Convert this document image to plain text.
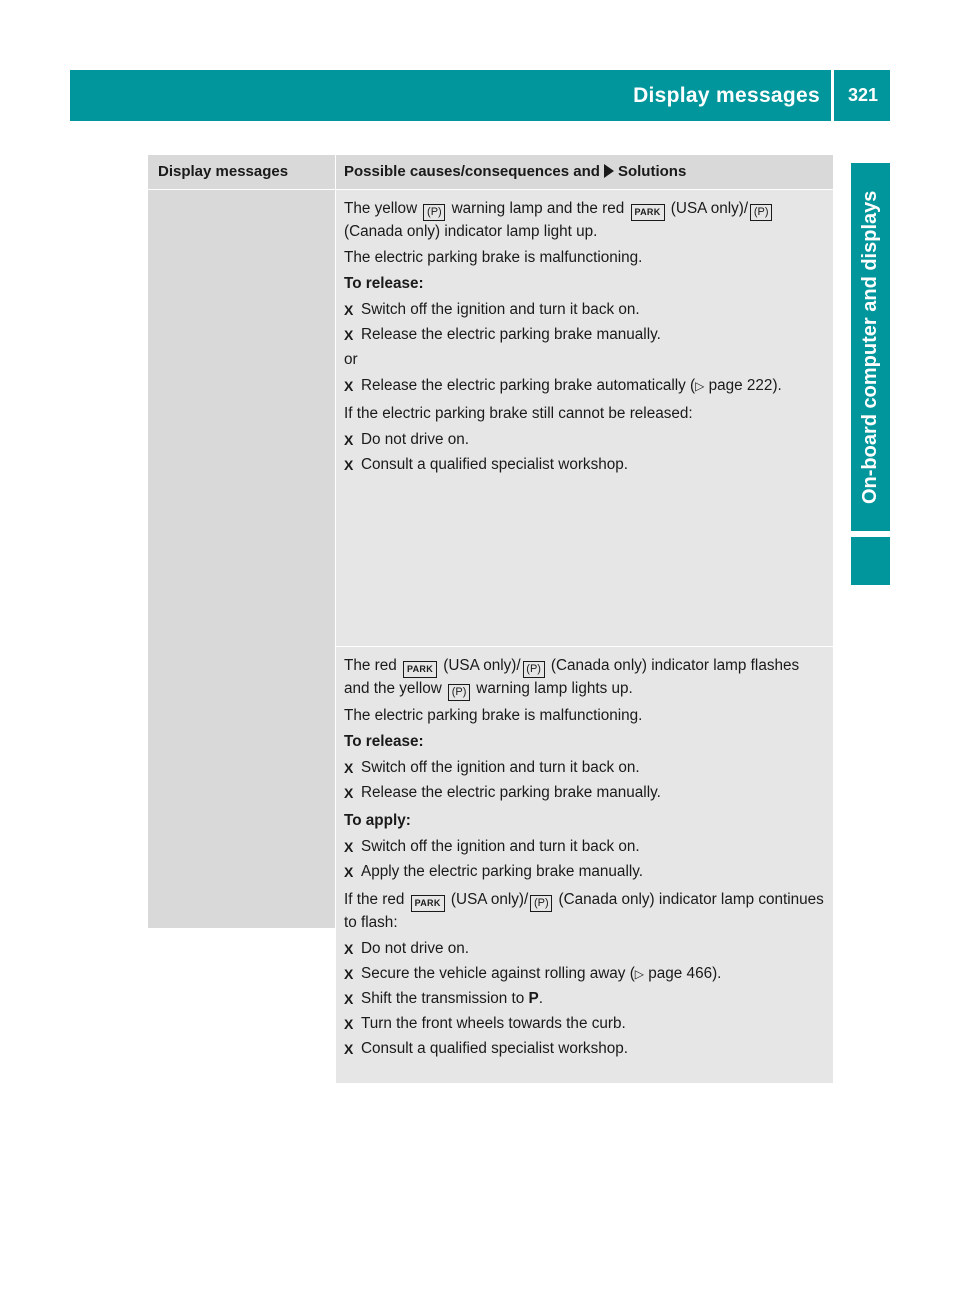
Display messages 321
On-board computer and displays
Display messages	Possible causes/consequences and Solutions
The yellow (P) warning lamp and the red PARK (USA only)/ (P) (Canada only) indicator lamp light up.
The electric parking brake is malfunctioning.
To release:
X Switch off the ignition and turn it back on.
X Release the electric parking brake manually.
or
X Release the electric parking brake automatically (▷ page 222).
If the electric parking brake still cannot be released:
X Do not drive on.
X Consult a qualified specialist workshop.
The red PARK (USA only)/ (P) (Canada only) indicator lamp flashes and the yellow (P) warning lamp lights up.
The electric parking brake is malfunctioning.
To release:
X Switch off the ignition and turn it back on.
X Release the electric parking brake manually.
To apply:
X Switch off the ignition and turn it back on.
X Apply the electric parking brake manually.
If the red PARK (USA only)/ (P) (Canada only) indicator lamp continues to flash:
X Do not drive on.
X Secure the vehicle against rolling away (▷ page 466).
X Shift the transmission to P.
X Turn the front wheels towards the curb.
X Consult a qualified specialist workshop.
